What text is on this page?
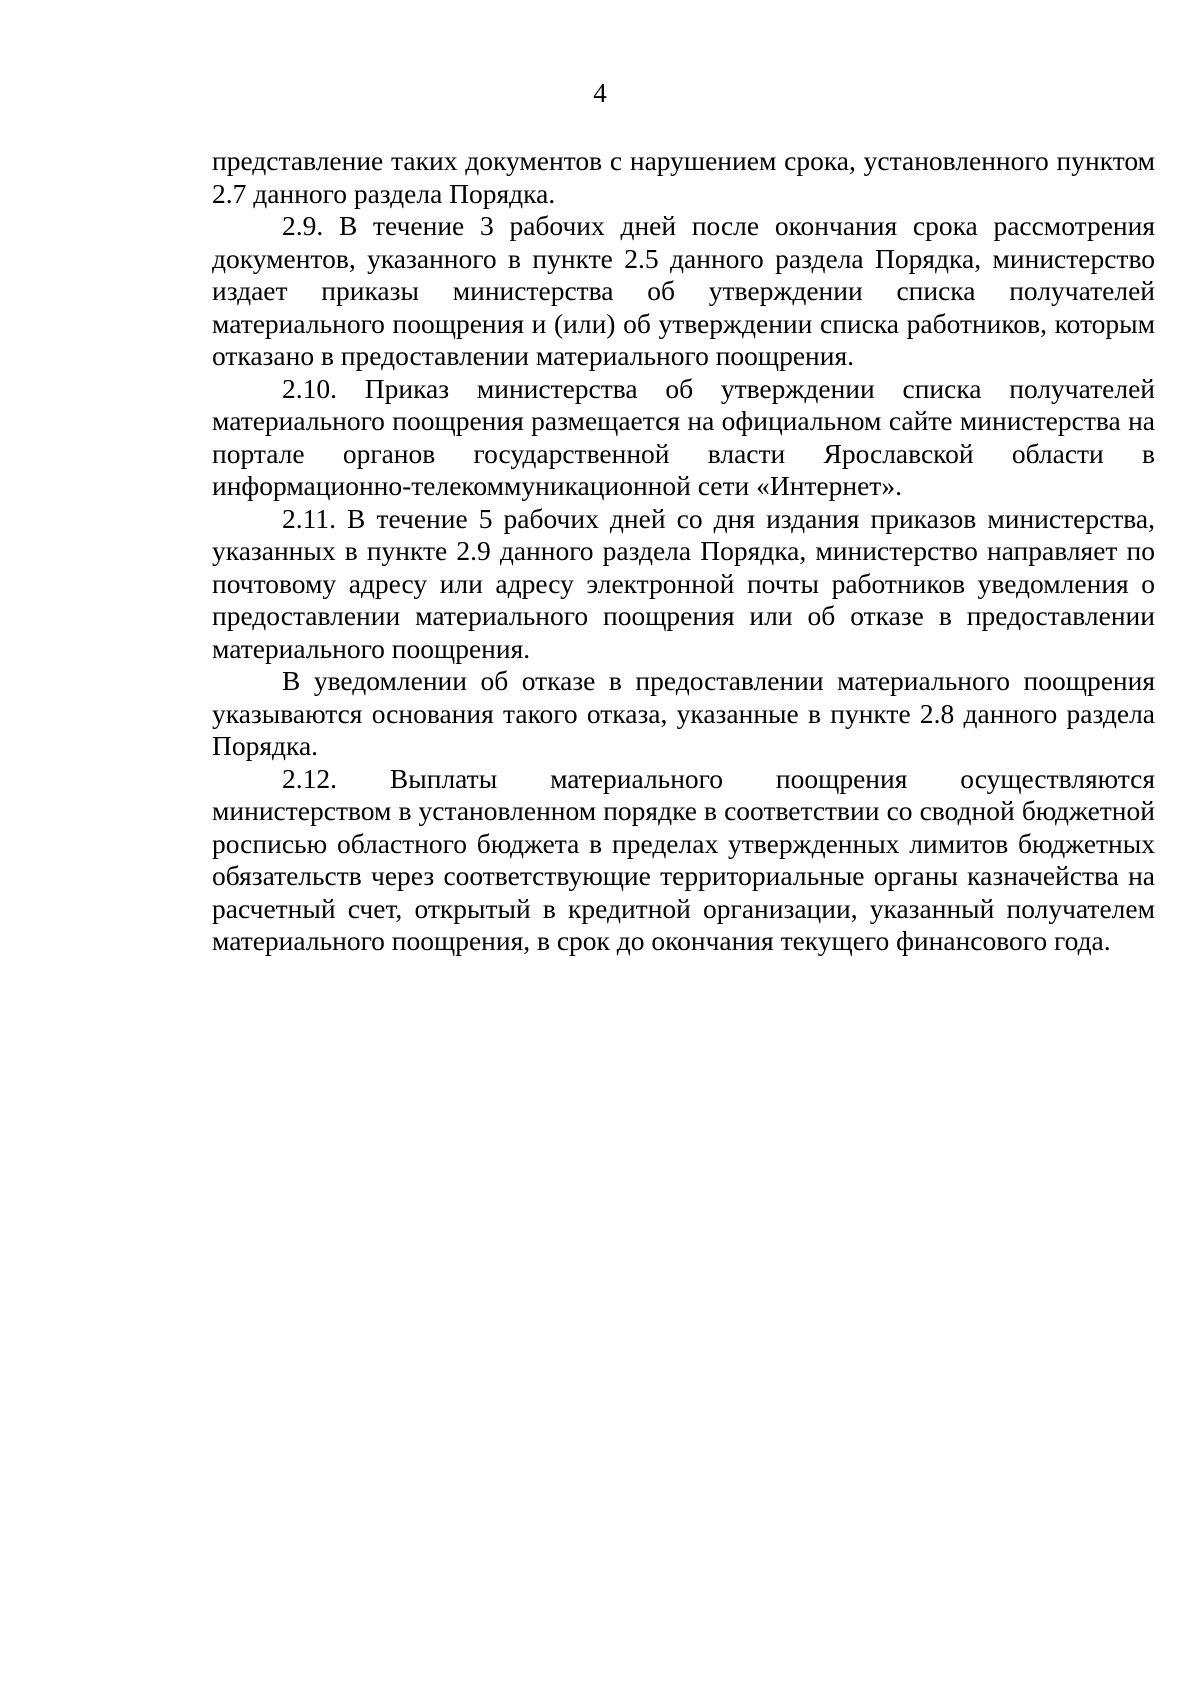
4

представление таких документов с нарушением срока, установленного пунктом 2.7 данного раздела Порядка.

2.9. В течение 3 рабочих дней после окончания срока рассмотрения документов, указанного в пункте 2.5 данного раздела Порядка, министерство издает приказы министерства об утверждении списка получателей материального поощрения и (или) об утверждении списка работников, которым отказано в предоставлении материального поощрения.

2.10. Приказ министерства об утверждении списка получателей материального поощрения размещается на официальном сайте министерства на портале органов государственной власти Ярославской области в информационно-телекоммуникационной сети «Интернет».

2.11. В течение 5 рабочих дней со дня издания приказов министерства, указанных в пункте 2.9 данного раздела Порядка, министерство направляет по почтовому адресу или адресу электронной почты работников уведомления о предоставлении материального поощрения или об отказе в предоставлении материального поощрения.

В уведомлении об отказе в предоставлении материального поощрения указываются основания такого отказа, указанные в пункте 2.8 данного раздела Порядка.

2.12. Выплаты материального поощрения осуществляются министерством в установленном порядке в соответствии со сводной бюджетной росписью областного бюджета в пределах утвержденных лимитов бюджетных обязательств через соответствующие территориальные органы казначейства на расчетный счет, открытый в кредитной организации, указанный получателем материального поощрения, в срок до окончания текущего финансового года.
